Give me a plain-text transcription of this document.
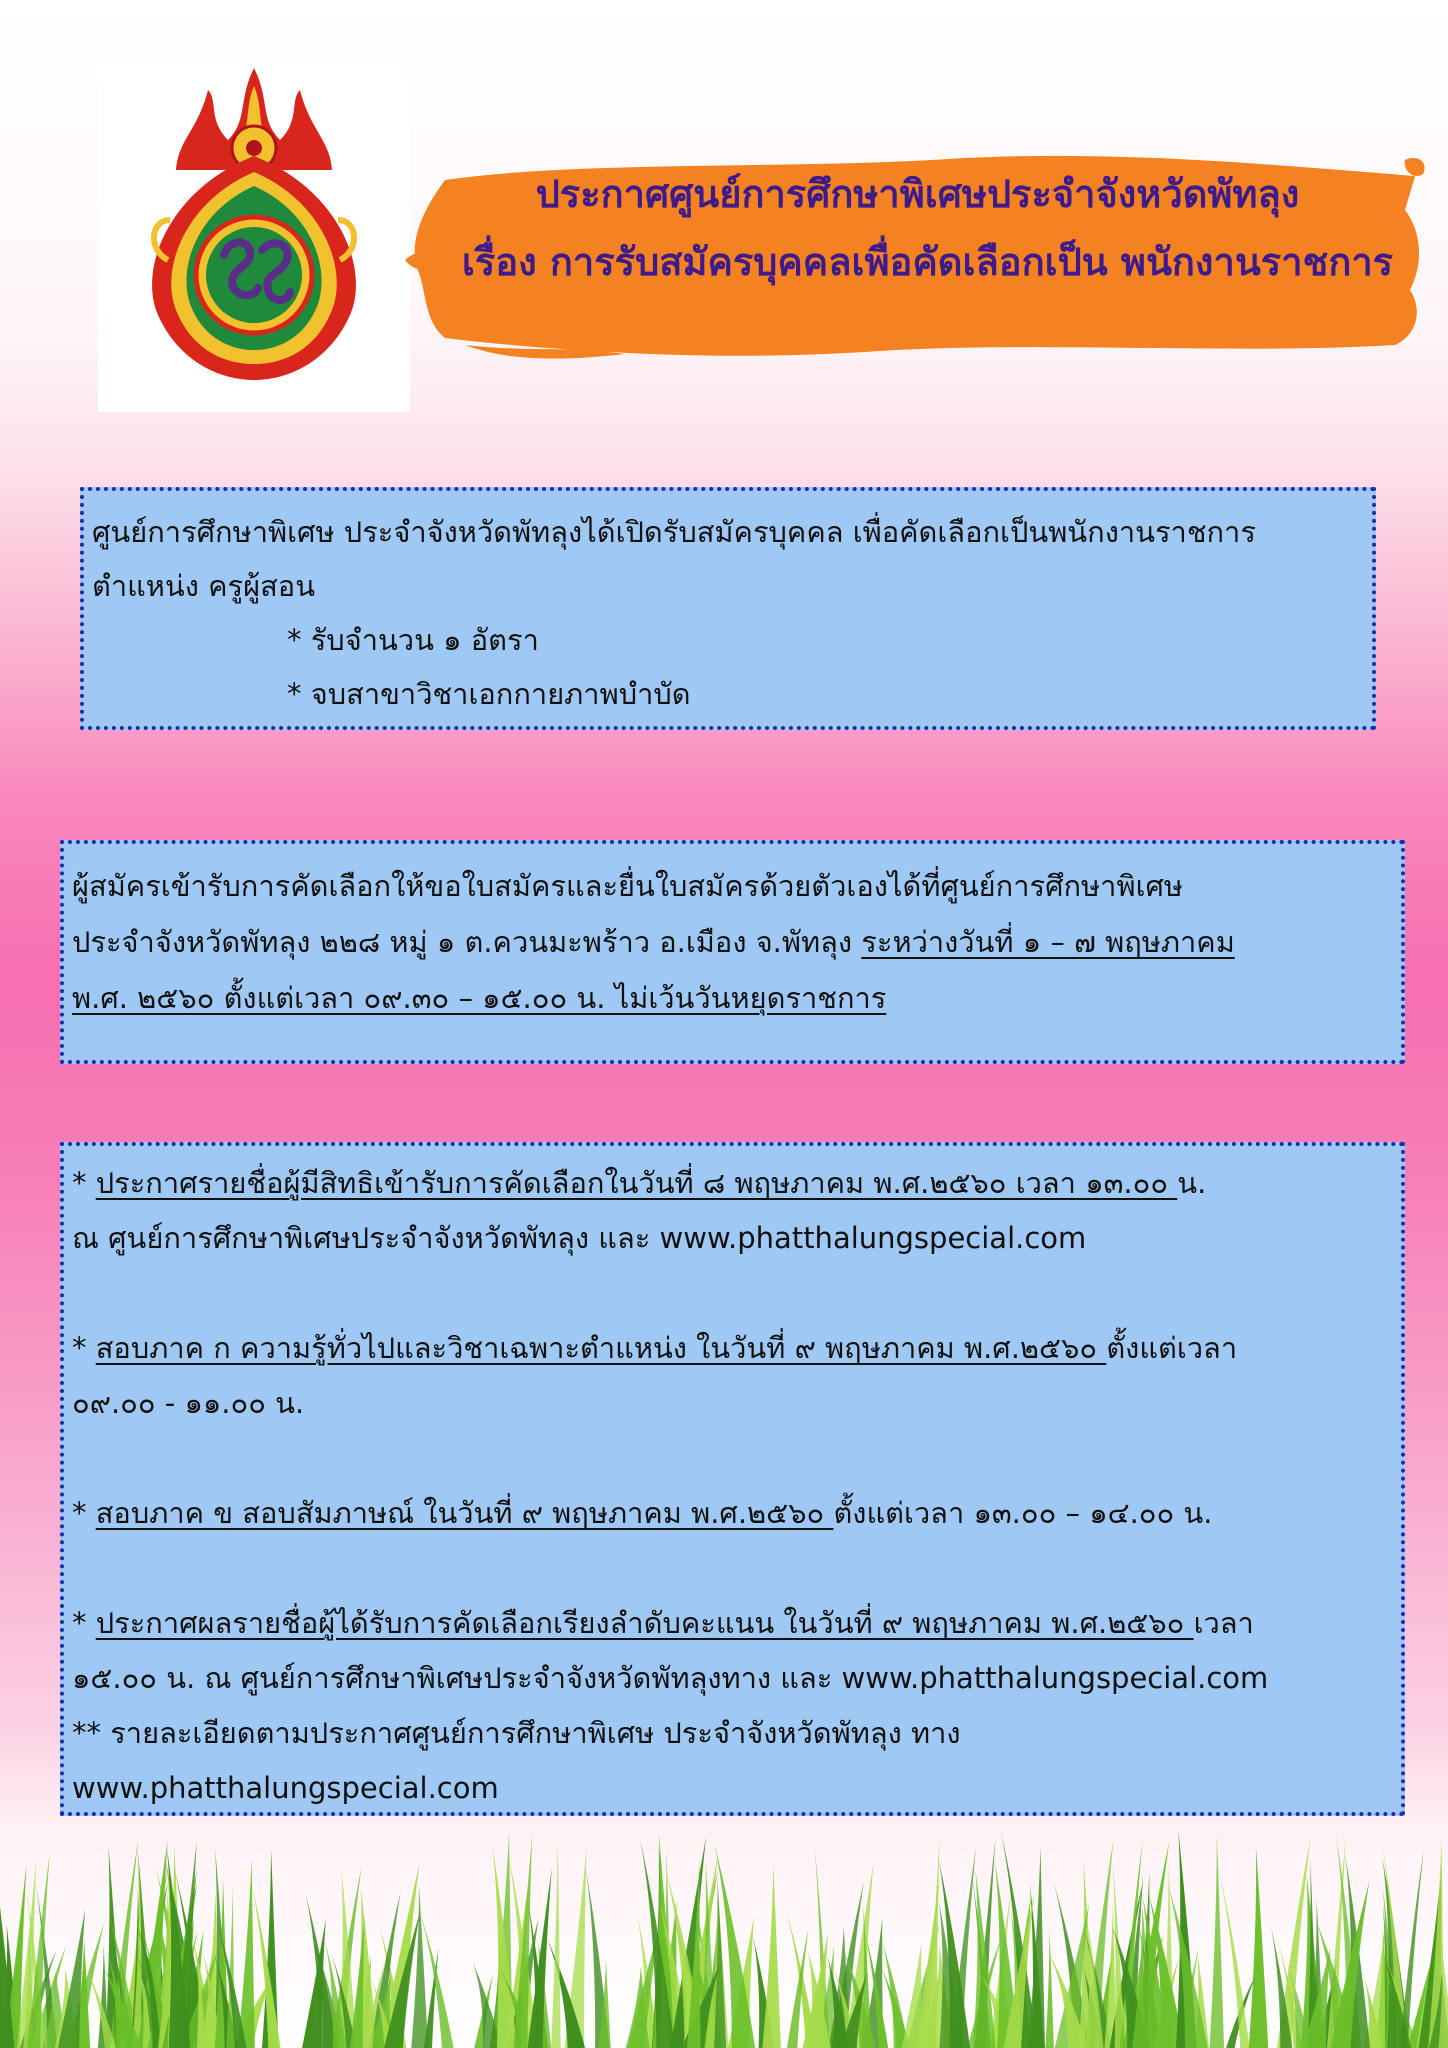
ประกาศศูนย์การศึกษาพิเศษประจำจังหวัดพัทลุง
เรื่อง การรับสมัครบุคคลเพื่อคัดเลือกเป็น พนักงานราชการ

ศูนย์การศึกษาพิเศษ ประจำจังหวัดพัทลุงได้เปิดรับสมัครบุคคล เพื่อคัดเลือกเป็นพนักงานราชการ

ตำแหน่ง ครูผู้สอน

* รับจำนวน ๑ อัตรา

* จบสาขาวิชาเอกกายภาพบำบัด

ผู้สมัครเข้ารับการคัดเลือกให้ขอใบสมัครและยื่นใบสมัครด้วยตัวเองได้ที่ศูนย์การศึกษาพิเศษ

ประจำจังหวัดพัทลุง ๒๒๘ หมู่ ๑ ต.ควนมะพร้าว อ.เมือง จ.พัทลุง ระหว่างวันที่ ๑ – ๗ พฤษภาคม

พ.ศ. ๒๕๖๐ ตั้งแต่เวลา ๐๙.๓๐ – ๑๕.๐๐ น. ไม่เว้นวันหยุดราชการ

* ประกาศรายชื่อผู้มีสิทธิเข้ารับการคัดเลือกในวันที่ ๘ พฤษภาคม พ.ศ.๒๕๖๐ เวลา ๑๓.๐๐ น.

ณ ศูนย์การศึกษาพิเศษประจำจังหวัดพัทลุง และ www.phatthalungspecial.com

* สอบภาค ก ความรู้ทั่วไปและวิชาเฉพาะตำแหน่ง ในวันที่ ๙ พฤษภาคม พ.ศ.๒๕๖๐ ตั้งแต่เวลา

๐๙.๐๐ - ๑๑.๐๐ น.

* สอบภาค ข สอบสัมภาษณ์ ในวันที่ ๙ พฤษภาคม พ.ศ.๒๕๖๐ ตั้งแต่เวลา ๑๓.๐๐ – ๑๔.๐๐ น.

* ประกาศผลรายชื่อผู้ได้รับการคัดเลือกเรียงลำดับคะแนน ในวันที่ ๙ พฤษภาคม พ.ศ.๒๕๖๐ เวลา

๑๕.๐๐ น. ณ ศูนย์การศึกษาพิเศษประจำจังหวัดพัทลุงทาง และ www.phatthalungspecial.com

** รายละเอียดตามประกาศศูนย์การศึกษาพิเศษ ประจำจังหวัดพัทลุง ทาง

www.phatthalungspecial.com
